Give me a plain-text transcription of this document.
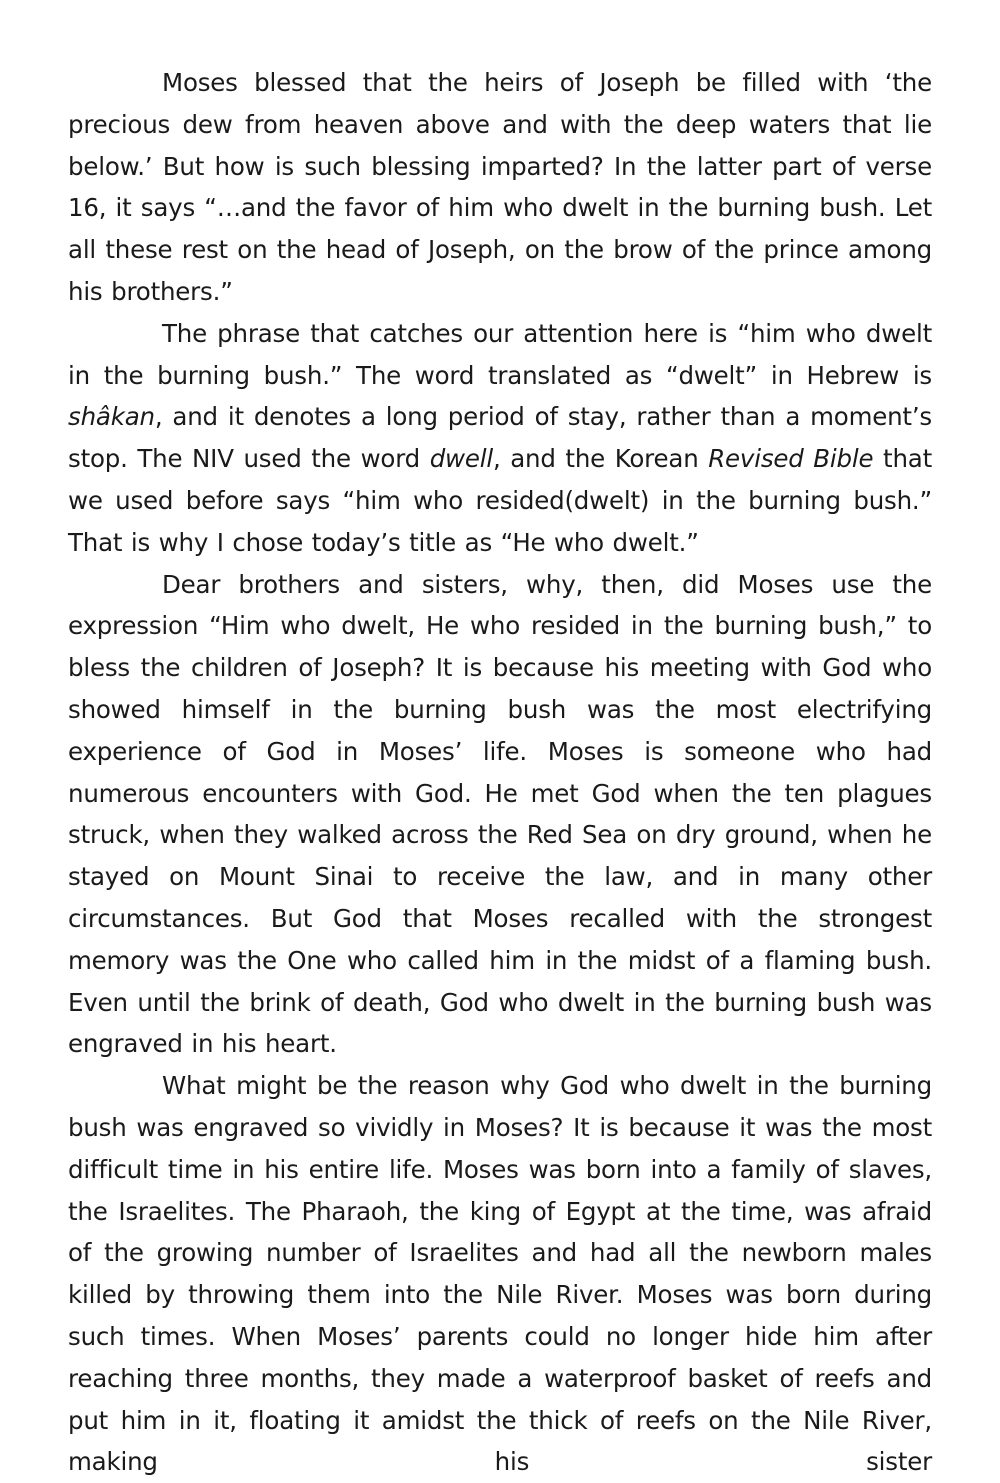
Moses blessed that the heirs of Joseph be filled with ‘the precious dew from heaven above and with the deep waters that lie below.’ But how is such blessing imparted? In the latter part of verse 16, it says “…and the favor of him who dwelt in the burning bush. Let all these rest on the head of Joseph, on the brow of the prince among his brothers.”

The phrase that catches our attention here is “him who dwelt in the burning bush.” The word translated as “dwelt” in Hebrew is shâkan, and it denotes a long period of stay, rather than a moment’s stop. The NIV used the word dwell, and the Korean Revised Bible that we used before says “him who resided(dwelt) in the burning bush.” That is why I chose today’s title as “He who dwelt.”

Dear brothers and sisters, why, then, did Moses use the expression “Him who dwelt, He who resided in the burning bush,” to bless the children of Joseph? It is because his meeting with God who showed himself in the burning bush was the most electrifying experience of God in Moses’ life. Moses is someone who had numerous encounters with God. He met God when the ten plagues struck, when they walked across the Red Sea on dry ground, when he stayed on Mount Sinai to receive the law, and in many other circumstances. But God that Moses recalled with the strongest memory was the One who called him in the midst of a flaming bush. Even until the brink of death, God who dwelt in the burning bush was engraved in his heart.

What might be the reason why God who dwelt in the burning bush was engraved so vividly in Moses? It is because it was the most difficult time in his entire life. Moses was born into a family of slaves, the Israelites. The Pharaoh, the king of Egypt at the time, was afraid of the growing number of Israelites and had all the newborn males killed by throwing them into the Nile River. Moses was born during such times. When Moses’ parents could no longer hide him after reaching three months, they made a waterproof basket of reefs and put him in it, floating it amidst the thick of reefs on the Nile River, making his sister
